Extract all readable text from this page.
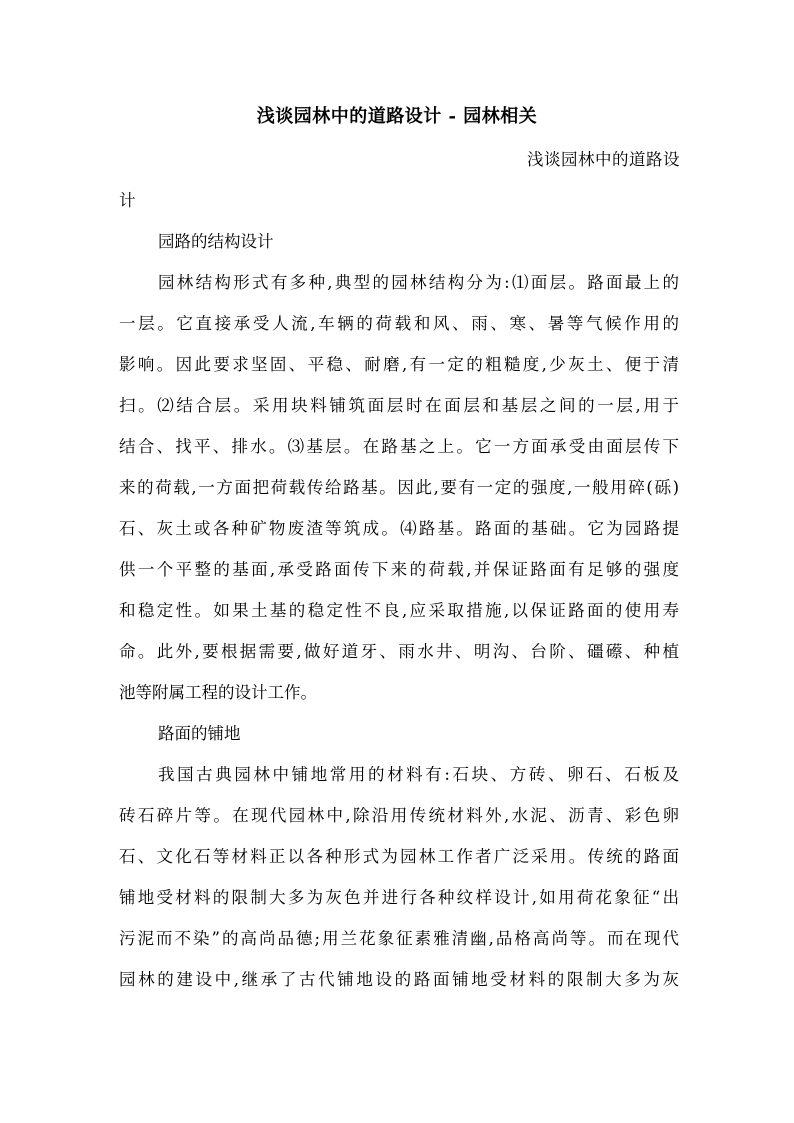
浅谈园林中的道路设计 - 园林相关
浅谈园林中的道路设
计
园路的结构设计
园林结构形式有多种,典型的园林结构分为:⑴面层。路面最上的
一层。它直接承受人流,车辆的荷载和风、雨、寒、暑等气候作用的
影响。因此要求坚固、平稳、耐磨,有一定的粗糙度,少灰土、便于清
扫。⑵结合层。采用块料铺筑面层时在面层和基层之间的一层,用于
结合、找平、排水。⑶基层。在路基之上。它一方面承受由面层传下
来的荷载,一方面把荷载传给路基。因此,要有一定的强度,一般用碎(砾)
石、灰土或各种矿物废渣等筑成。⑷路基。路面的基础。它为园路提
供一个平整的基面,承受路面传下来的荷载,并保证路面有足够的强度
和稳定性。如果土基的稳定性不良,应采取措施,以保证路面的使用寿
命。此外,要根据需要,做好道牙、雨水井、明沟、台阶、礓礤、种植
池等附属工程的设计工作。
路面的铺地
我国古典园林中铺地常用的材料有:石块、方砖、卵石、石板及
砖石碎片等。在现代园林中,除沿用传统材料外,水泥、沥青、彩色卵
石、文化石等材料正以各种形式为园林工作者广泛采用。传统的路面
铺地受材料的限制大多为灰色并进行各种纹样设计,如用荷花象征“出
污泥而不染”的高尚品德;用兰花象征素雅清幽,品格高尚等。而在现代
园林的建设中,继承了古代铺地设的路面铺地受材料的限制大多为灰
